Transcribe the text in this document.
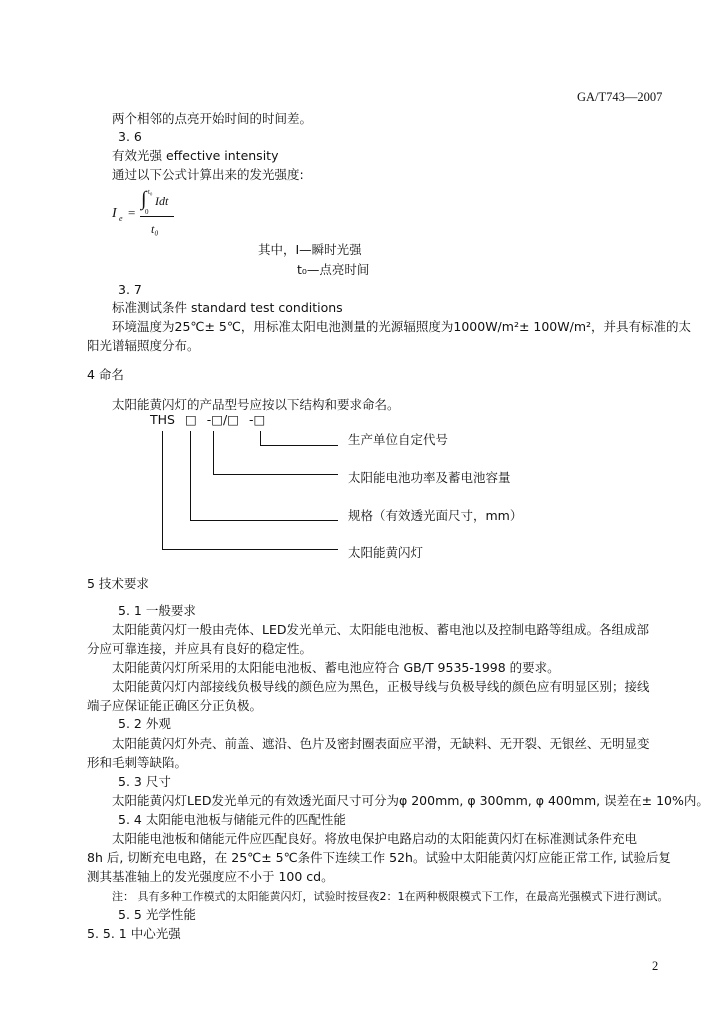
GA/T743—2007
两个相邻的点亮开始时间的时间差。
3. 6
有效光强 effective intensity
通过以下公式计算出来的发光强度:
I e =
∫ t₀
0
Idt
t₀
其中，I—瞬时光强
t₀—点亮时间
3. 7
标准测试条件 standard test conditions
环境温度为25℃± 5℃，用标准太阳电池测量的光源辐照度为1000W/m²± 100W/m²，并具有标准的太
阳光谱辐照度分布。
4 命名
太阳能黄闪灯的产品型号应按以下结构和要求命名。
THS □ -□/□ -□
生产单位自定代号
太阳能电池功率及蓄电池容量
规格（有效透光面尺寸，mm）
太阳能黄闪灯
5 技术要求
5. 1 一般要求
太阳能黄闪灯一般由壳体、LED发光单元、太阳能电池板、蓄电池以及控制电路等组成。各组成部
分应可靠连接，并应具有良好的稳定性。
太阳能黄闪灯所采用的太阳能电池板、蓄电池应符合 GB/T 9535-1998 的要求。
太阳能黄闪灯内部接线负极导线的颜色应为黑色，正极导线与负极导线的颜色应有明显区别；接线
端子应保证能正确区分正负极。
5. 2 外观
太阳能黄闪灯外壳、前盖、遮沿、色片及密封圈表面应平滑，无缺料、无开裂、无银丝、无明显变
形和毛刺等缺陷。
5. 3 尺寸
太阳能黄闪灯LED发光单元的有效透光面尺寸可分为φ 200mm, φ 300mm, φ 400mm, 误差在± 10%内。
5. 4 太阳能电池板与储能元件的匹配性能
太阳能电池板和储能元件应匹配良好。将放电保护电路启动的太阳能黄闪灯在标准测试条件充电
8h 后, 切断充电电路，在 25℃± 5℃条件下连续工作 52h。试验中太阳能黄闪灯应能正常工作, 试验后复
测其基准轴上的发光强度应不小于 100 cd。
注： 具有多种工作模式的太阳能黄闪灯，试验时按昼夜2：1在两种极限模式下工作，在最高光强模式下进行测试。
5. 5 光学性能
5. 5. 1 中心光强
2
